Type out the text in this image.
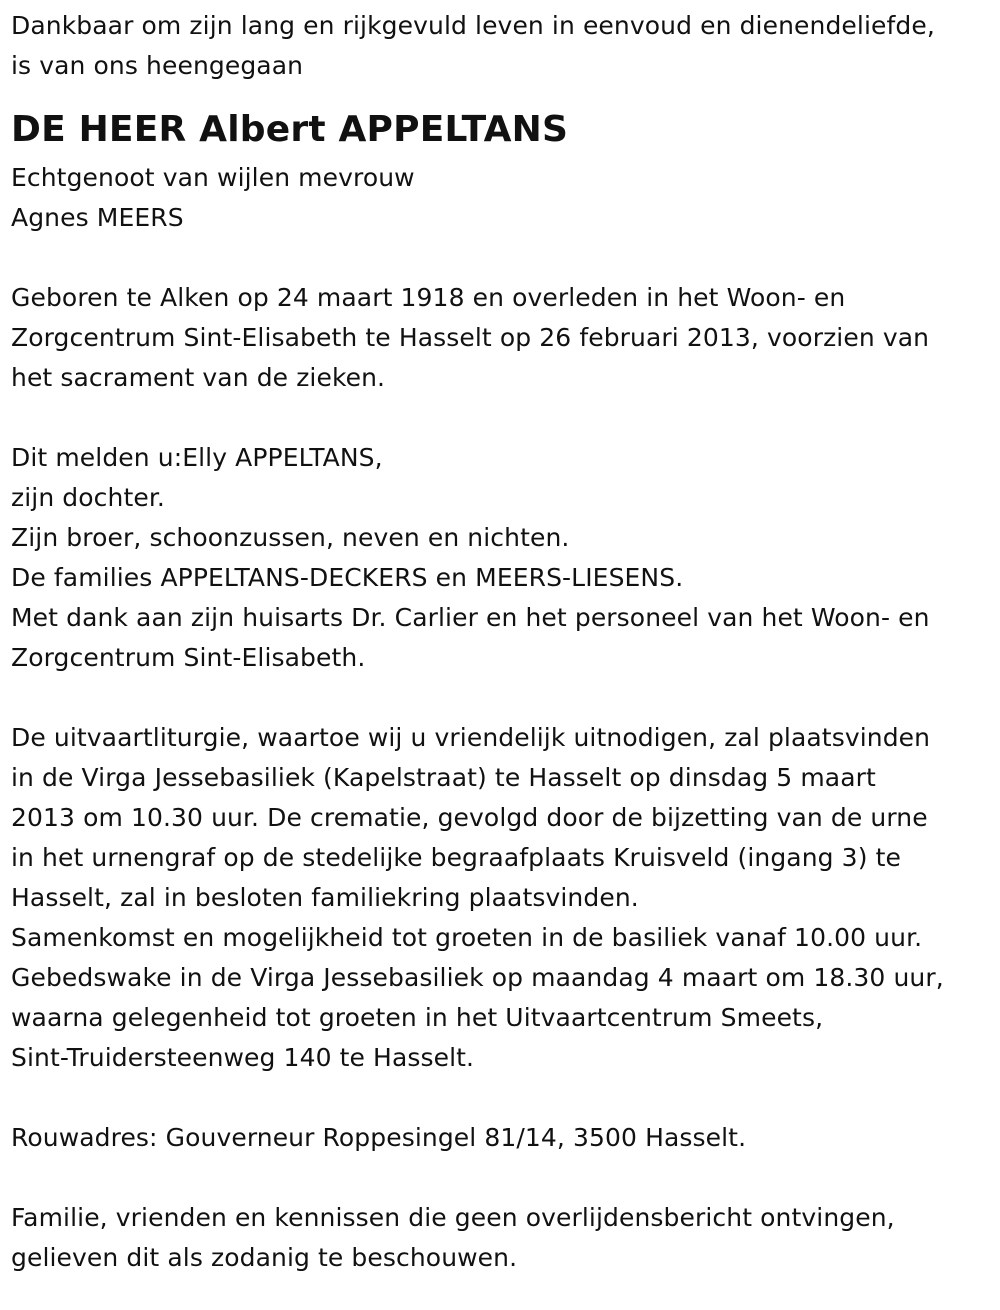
Dankbaar om zijn lang en rijkgevuld leven in eenvoud en dienendeliefde,
is van ons heengegaan
DE HEER Albert APPELTANS
Echtgenoot van wijlen mevrouw
Agnes MEERS
Geboren te Alken op 24 maart 1918 en overleden in het Woon- en
Zorgcentrum Sint-Elisabeth te Hasselt op 26 februari 2013, voorzien van
het sacrament van de zieken.
Dit melden u:Elly APPELTANS,
zijn dochter.
Zijn broer, schoonzussen, neven en nichten.
De families APPELTANS-DECKERS en MEERS-LIESENS.
Met dank aan zijn huisarts Dr. Carlier en het personeel van het Woon- en
Zorgcentrum Sint-Elisabeth.
De uitvaartliturgie, waartoe wij u vriendelijk uitnodigen, zal plaatsvinden
in de Virga Jessebasiliek (Kapelstraat) te Hasselt op dinsdag 5 maart
2013 om 10.30 uur. De crematie, gevolgd door de bijzetting van de urne
in het urnengraf op de stedelijke begraafplaats Kruisveld (ingang 3) te
Hasselt, zal in besloten familiekring plaatsvinden.
Samenkomst en mogelijkheid tot groeten in de basiliek vanaf 10.00 uur.
Gebedswake in de Virga Jessebasiliek op maandag 4 maart om 18.30 uur,
waarna gelegenheid tot groeten in het Uitvaartcentrum Smeets,
Sint-Truidersteenweg 140 te Hasselt.
Rouwadres: Gouverneur Roppesingel 81/14, 3500 Hasselt.
Familie, vrienden en kennissen die geen overlijdensbericht ontvingen,
gelieven dit als zodanig te beschouwen.
